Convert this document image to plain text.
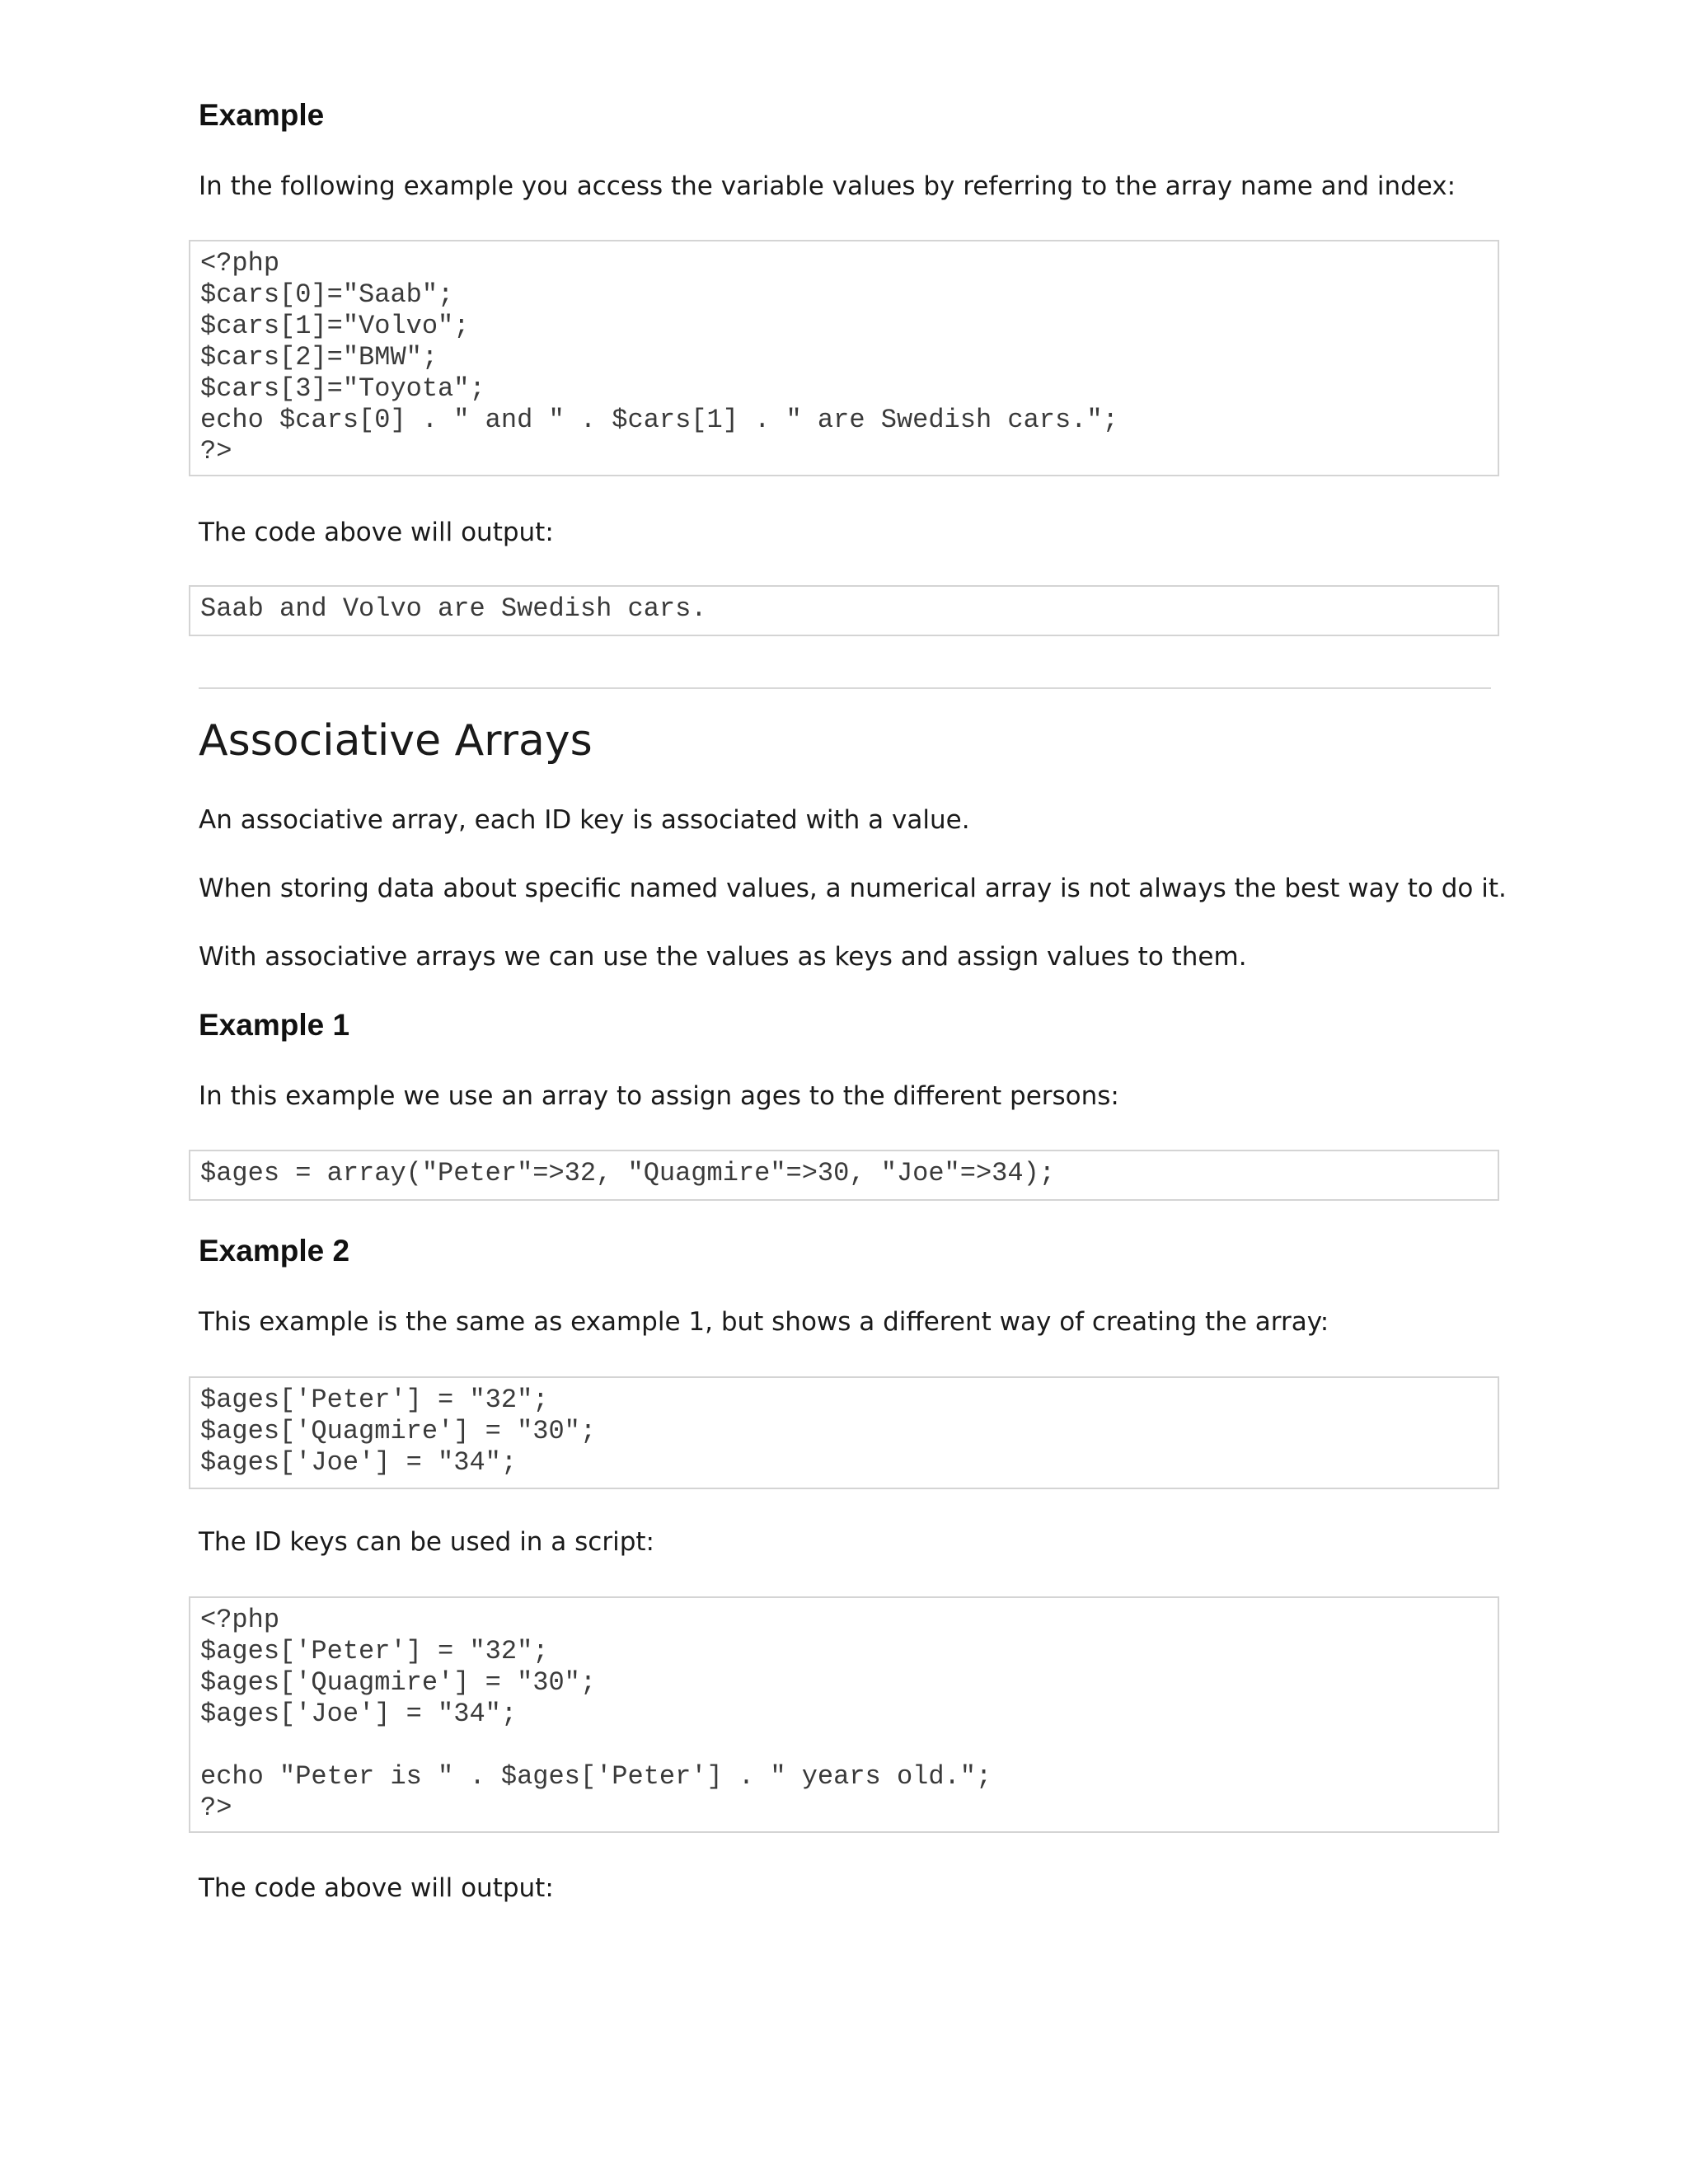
Example

In the following example you access the variable values by referring to the array name and index:

<?php
$cars[0]="Saab";
$cars[1]="Volvo";
$cars[2]="BMW";
$cars[3]="Toyota";
echo $cars[0] . " and " . $cars[1] . " are Swedish cars.";
?>

The code above will output:

Saab and Volvo are Swedish cars.
Associative Arrays

An associative array, each ID key is associated with a value.

When storing data about specific named values, a numerical array is not always the best way to do it.

With associative arrays we can use the values as keys and assign values to them.

Example 1

In this example we use an array to assign ages to the different persons:

$ages = array("Peter"=>32, "Quagmire"=>30, "Joe"=>34);
Example 2

This example is the same as example 1, but shows a different way of creating the array:

$ages['Peter'] = "32";
$ages['Quagmire'] = "30";
$ages['Joe'] = "34";

The ID keys can be used in a script:

<?php
$ages['Peter'] = "32";
$ages['Quagmire'] = "30";
$ages['Joe'] = "34";
echo "Peter is " . $ages['Peter'] . " years old.";
?>

The code above will output:
